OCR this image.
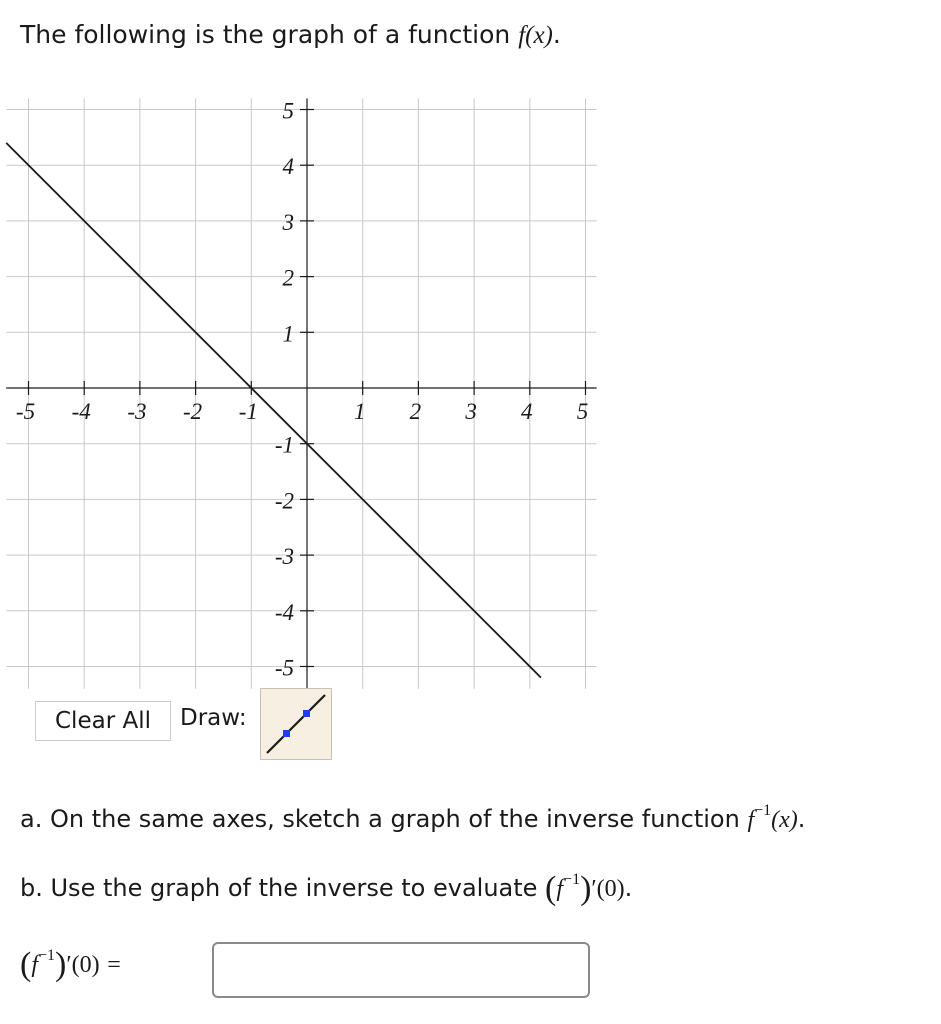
The following is the graph of a function f(x).
-5 -4 -3 -2 -1	1 2 3 4 5
5
4
3
2
1
-1
-2
-3
-4
-5
Clear All	Draw:
a. On the same axes, sketch a graph of the inverse function $f^{-1}(x)$.
b. Use the graph of the inverse to evaluate $(f^{-1})'(0)$.
$(f^{-1})'(0)$ =
